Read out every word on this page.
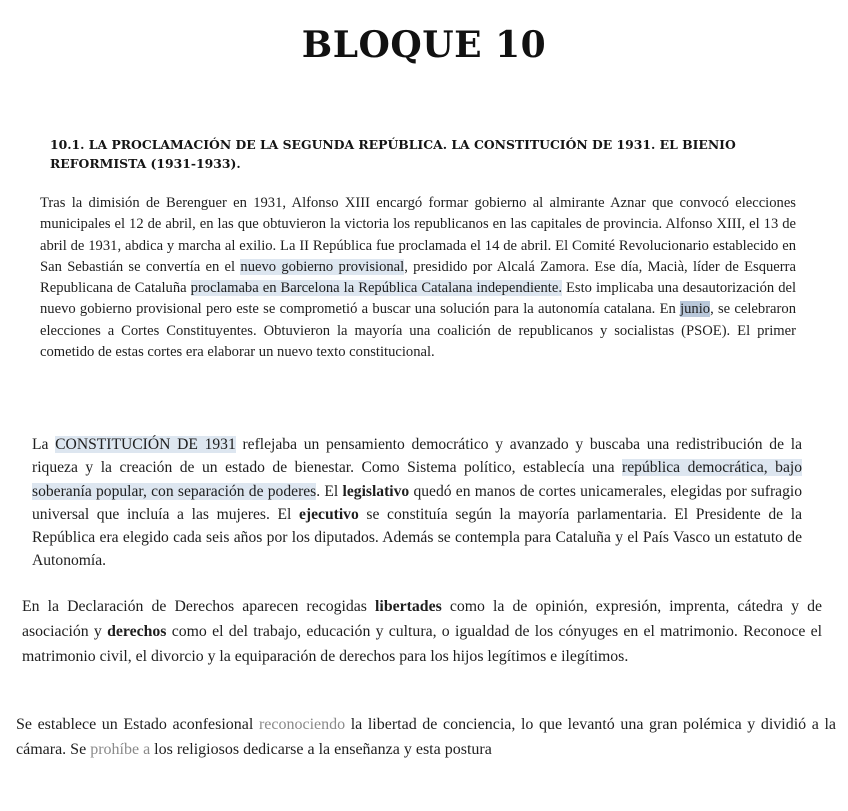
BLOQUE 10
10.1. LA PROCLAMACIÓN DE LA SEGUNDA REPÚBLICA. LA CONSTITUCIÓN DE 1931. EL BIENIO REFORMISTA (1931-1933).
Tras la dimisión de Berenguer en 1931, Alfonso XIII encargó formar gobierno al almirante Aznar que convocó elecciones municipales el 12 de abril, en las que obtuvieron la victoria los republicanos en las capitales de provincia. Alfonso XIII, el 13 de abril de 1931, abdica y marcha al exilio. La II República fue proclamada el 14 de abril. El Comité Revolucionario establecido en San Sebastián se convertía en el nuevo gobierno provisional, presidido por Alcalá Zamora. Ese día, Macià, líder de Esquerra Republicana de Cataluña proclamaba en Barcelona la República Catalana independiente. Esto implicaba una desautorización del nuevo gobierno provisional pero este se comprometió a buscar una solución para la autonomía catalana. En junio, se celebraron elecciones a Cortes Constituyentes. Obtuvieron la mayoría una coalición de republicanos y socialistas (PSOE). El primer cometido de estas cortes era elaborar un nuevo texto constitucional.
La CONSTITUCIÓN DE 1931 reflejaba un pensamiento democrático y avanzado y buscaba una redistribución de la riqueza y la creación de un estado de bienestar. Como Sistema político, establecía una república democrática, bajo soberanía popular, con separación de poderes. El legislativo quedó en manos de cortes unicamerales, elegidas por sufragio universal que incluía a las mujeres. El ejecutivo se constituía según la mayoría parlamentaria. El Presidente de la República era elegido cada seis años por los diputados. Además se contempla para Cataluña y el País Vasco un estatuto de Autonomía.
En la Declaración de Derechos aparecen recogidas libertades como la de opinión, expresión, imprenta, cátedra y de asociación y derechos como el del trabajo, educación y cultura, o igualdad de los cónyuges en el matrimonio. Reconoce el matrimonio civil, el divorcio y la equiparación de derechos para los hijos legítimos e ilegítimos.
Se establece un Estado aconfesional reconociendo la libertad de conciencia, lo que levantó una gran polémica y dividió a la cámara. Se prohíbe a los religiosos dedicarse a la enseñanza y esta postura
